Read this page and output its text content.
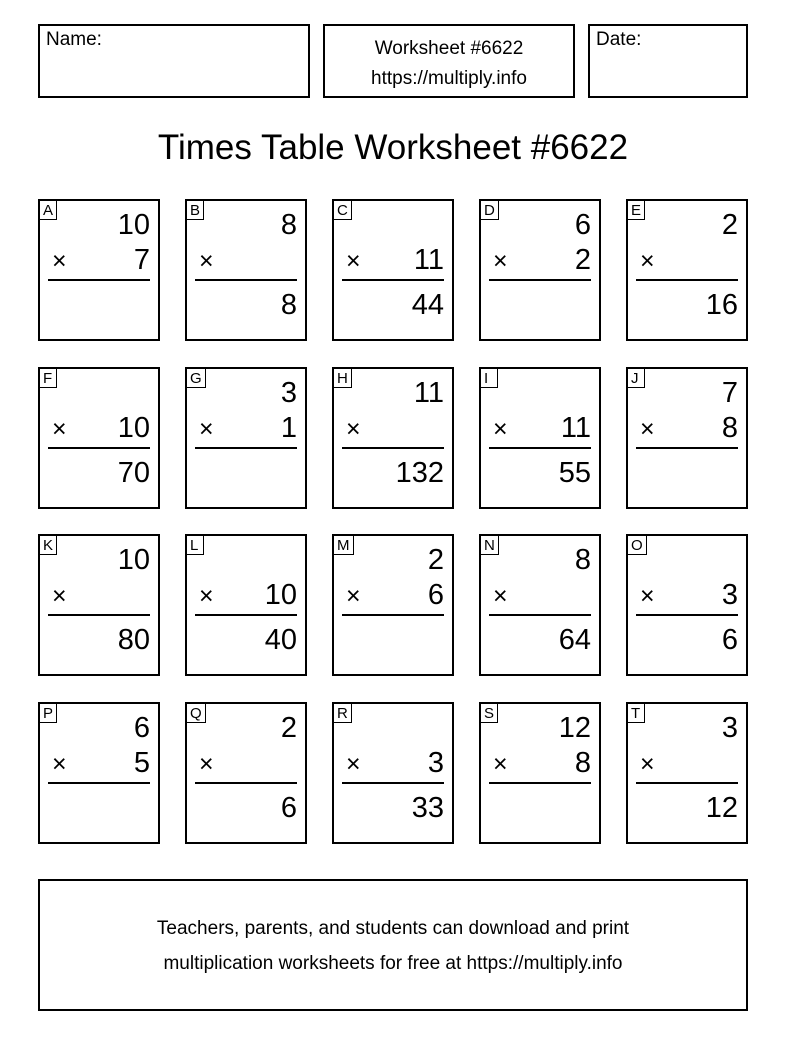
Name:	Worksheet #6622
https://multiply.info
Date:
Times Table Worksheet #6622
A 10
× 7
B	8
×
8
C
× 11
44
D	6
× 2
E	2
×
16
F
× 10
70
G	3
× 1
H 11
×
132
I
× 11
55
J	7
× 8
K 10
×
80
L
× 10
40
M	2
× 6
N	8
×
64
O
× 3
6
P	6
× 5
Q	2
×
6
R
× 3
33
S 12
× 8
T	3
×
12
Teachers, parents, and students can download and print
multiplication worksheets for free at https://multiply.info
